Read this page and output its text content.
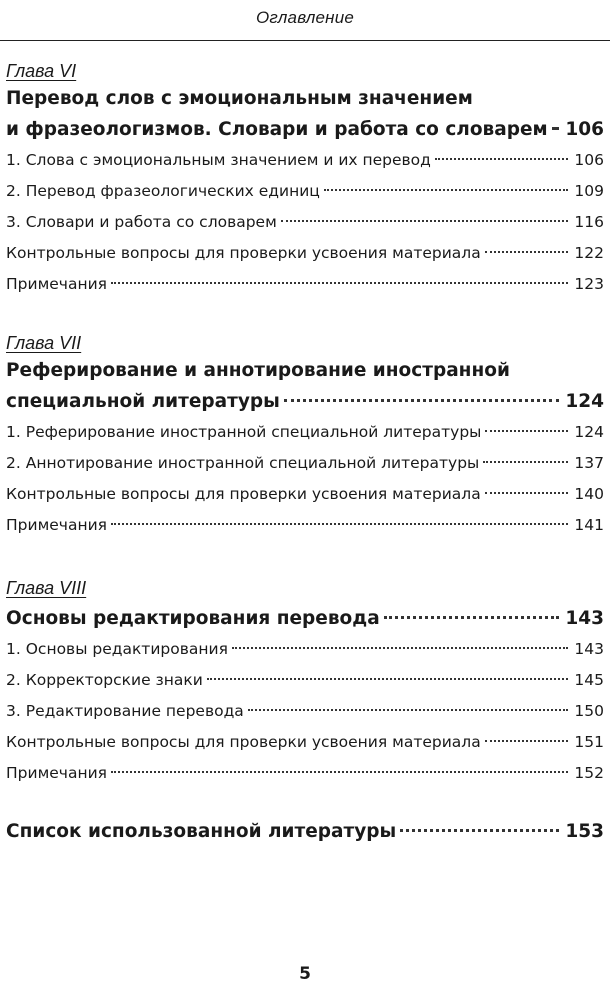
Оглавление
Глава VI
Перевод слов с эмоциональным значением
и фразеологизмов. Словари и работа со словарем 106
1. Слова с эмоциональным значением и их перевод	106
2. Перевод фразеологических единиц	109
3. Словари и работа со словарем	116
Контрольные вопросы для проверки усвоения материала	122
Примечания	123
Глава VII
Реферирование и аннотирование иностранной
специальной литературы	124
1. Реферирование иностранной специальной литературы	124
2. Аннотирование иностранной специальной литературы	137
Контрольные вопросы для проверки усвоения материала	140
Примечания	141
Глава VIII
Основы редактирования перевода	143
1. Основы редактирования	143
2. Корректорские знаки	145
3. Редактирование перевода	150
Контрольные вопросы для проверки усвоения материала	151
Примечания	152
Список использованной литературы	153
5
